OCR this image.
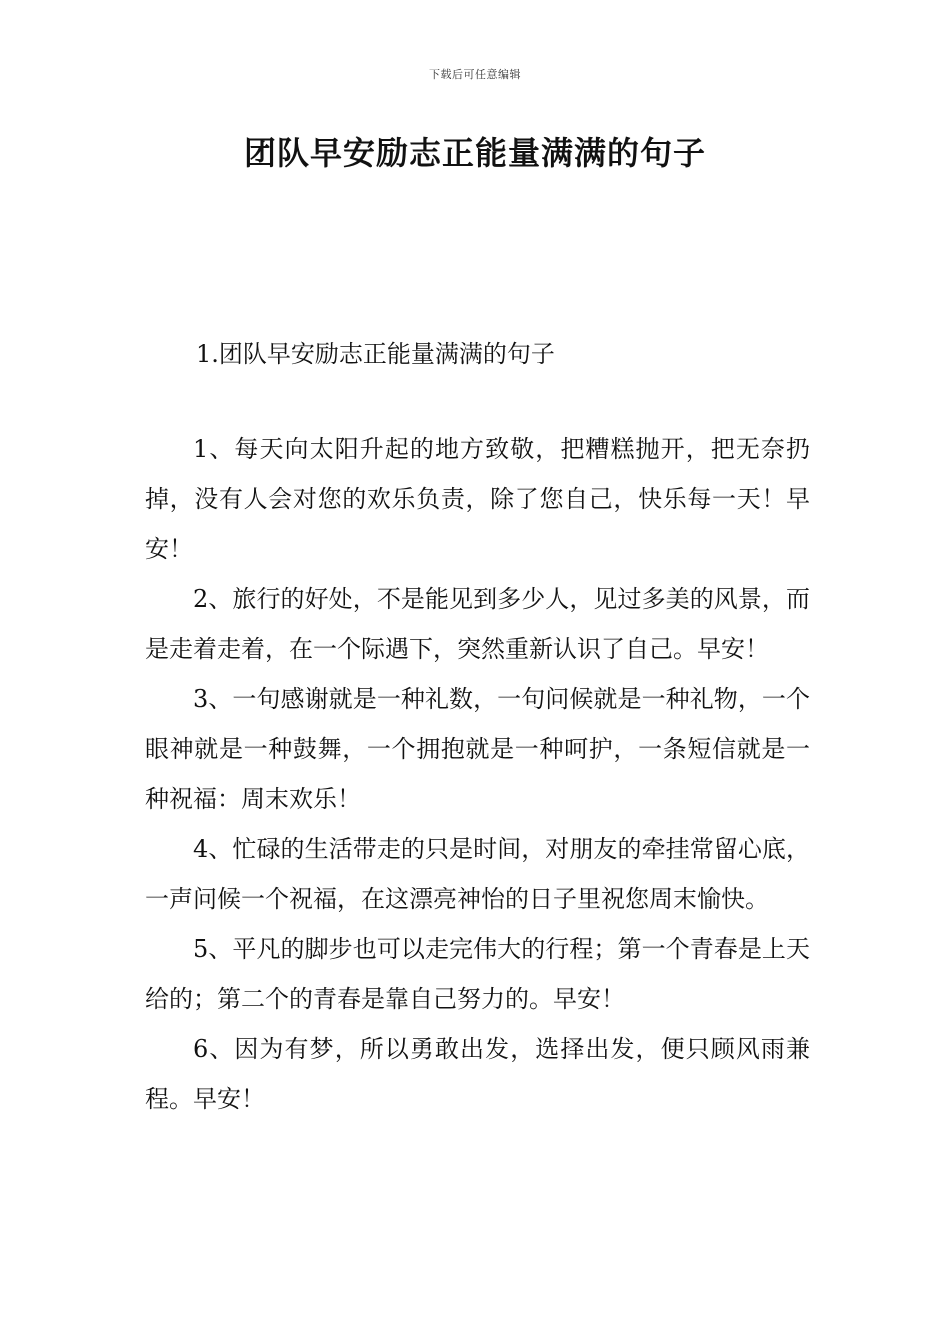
下载后可任意编辑
团队早安励志正能量满满的句子
1.团队早安励志正能量满满的句子

1、每天向太阳升起的地方致敬，把糟糕抛开，把无奈扔掉，没有人会对您的欢乐负责，除了您自己，快乐每一天！早安！

2、旅行的好处，不是能见到多少人，见过多美的风景，而是走着走着，在一个际遇下，突然重新认识了自己。早安！

3、一句感谢就是一种礼数，一句问候就是一种礼物，一个眼神就是一种鼓舞，一个拥抱就是一种呵护，一条短信就是一种祝福：周末欢乐！

4、忙碌的生活带走的只是时间，对朋友的牵挂常留心底，一声问候一个祝福，在这漂亮神怡的日子里祝您周末愉快。

5、平凡的脚步也可以走完伟大的行程；第一个青春是上天给的；第二个的青春是靠自己努力的。早安！

6、因为有梦，所以勇敢出发，选择出发，便只顾风雨兼程。早安！
